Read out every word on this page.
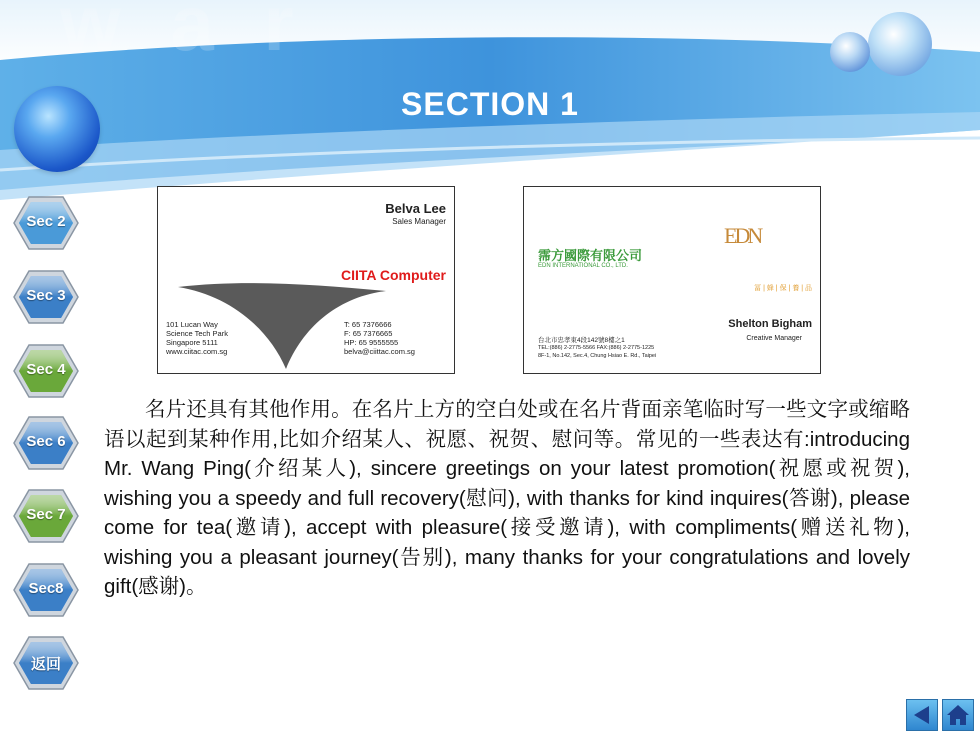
w a r
SECTION 1
Sec 2
Sec 3
Sec 4
Sec 6
Sec 7
Sec8
返回
Belva Lee
Sales Manager
CIITA Computer
101 Lucan Way
Science Tech Park
Singapore 5111
www.ciitac.com.sg
T: 65 7376666
F: 65 7376665
HP: 65 9555555
belva@ciittac.com.sg
霈方國際有限公司
EDN INTERNATIONAL CO., LTD.
EDN
冨 | 蜂 | 保 | 養 | 品
Shelton Bigham
Creative Manager
台北市忠孝東4段142號8樓之1
TEL:(886) 2-2775-5566 FAX:(886) 2-2775-1225
8F-1, No.142, Sec.4, Chung Hsiao E. Rd., Taipei

名片还具有其他作用。在名片上方的空白处或在名片背面亲笔临时写一些文字或缩略语以起到某种作用,比如介绍某人、祝愿、祝贺、慰问等。常见的一些表达有:introducing Mr. Wang Ping(介绍某人), sincere greetings on your latest promotion(祝愿或祝贺), wishing you a speedy and full recovery(慰问), with thanks for kind inquires(答谢), please come for tea(邀请), accept with pleasure(接受邀请), with compliments(赠送礼物), wishing you a pleasant journey(告别), many thanks for your congratulations and lovely gift(感谢)。
